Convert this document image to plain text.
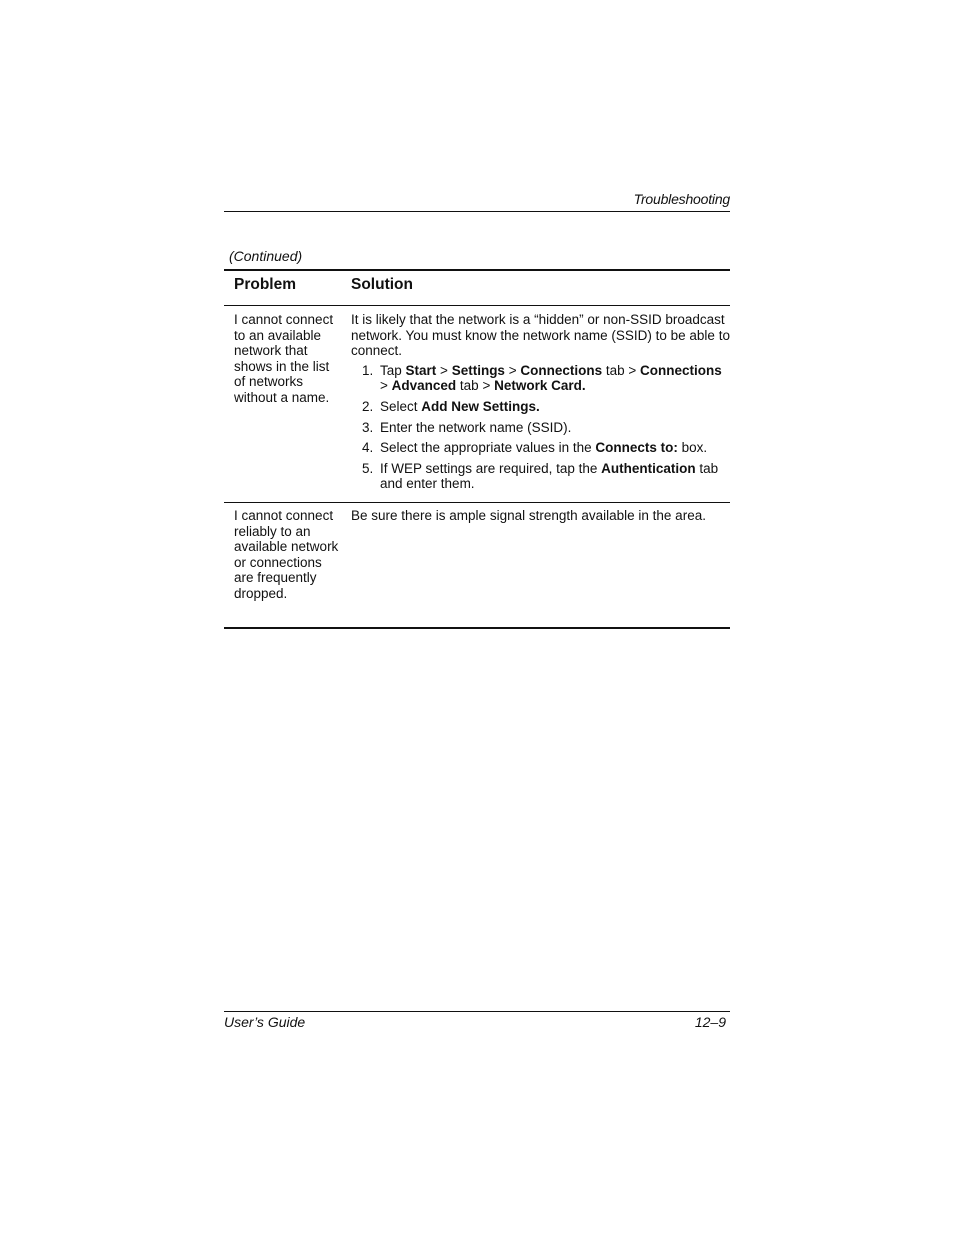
Troubleshooting
(Continued)
Problem	Solution
I cannot connect to an available network that shows in the list of networks without a name.
It is likely that the network is a “hidden” or non-SSID broadcast network. You must know the network name (SSID) to be able to connect.
1. Tap Start > Settings > Connections tab > Connections > Advanced tab > Network Card.
2. Select Add New Settings.
3. Enter the network name (SSID).
4. Select the appropriate values in the Connects to: box.
5. If WEP settings are required, tap the Authentication tab and enter them.
I cannot connect reliably to an available network or connections are frequently dropped.
Be sure there is ample signal strength available in the area.
User’s Guide	12–9
